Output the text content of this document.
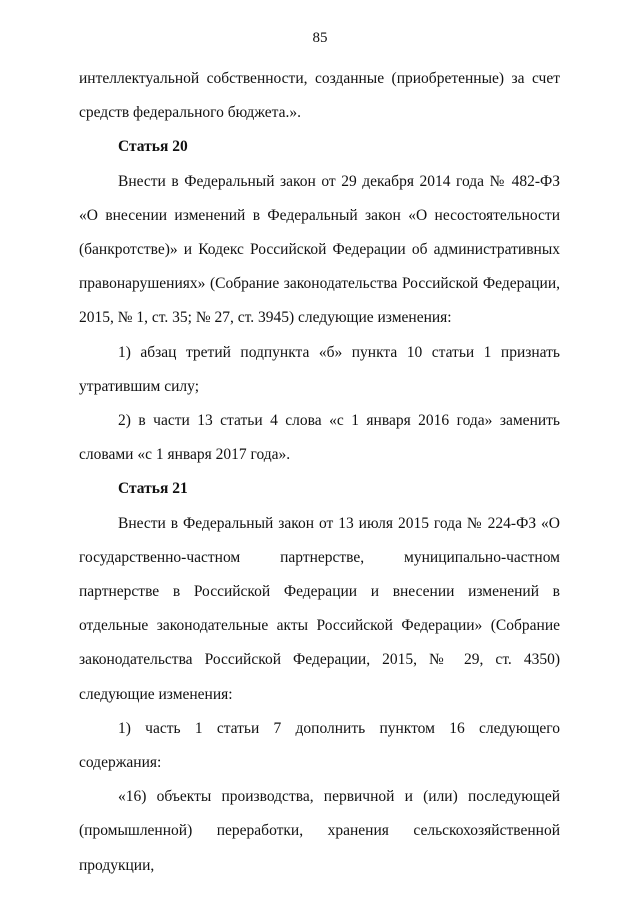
85

интеллектуальной собственности, созданные (приобретенные) за счет средств федерального бюджета.».

Статья 20

Внести в Федеральный закон от 29 декабря 2014 года № 482-ФЗ «О внесении изменений в Федеральный закон «О несостоятельности (банкротстве)» и Кодекс Российской Федерации об административных правонарушениях» (Собрание законодательства Российской Федерации, 2015, № 1, ст. 35; № 27, ст. 3945) следующие изменения:

1) абзац третий подпункта «б» пункта 10 статьи 1 признать утратившим силу;

2) в части 13 статьи 4 слова «с 1 января 2016 года» заменить словами «с 1 января 2017 года».

Статья 21

Внести в Федеральный закон от 13 июля 2015 года № 224-ФЗ «О государственно-частном партнерстве, муниципально-частном партнерстве в Российской Федерации и внесении изменений в отдельные законодательные акты Российской Федерации» (Собрание законодательства Российской Федерации, 2015, № 29, ст. 4350) следующие изменения:

1) часть 1 статьи 7 дополнить пунктом 16 следующего содержания:

«16) объекты производства, первичной и (или) последующей (промышленной) переработки, хранения сельскохозяйственной продукции,
